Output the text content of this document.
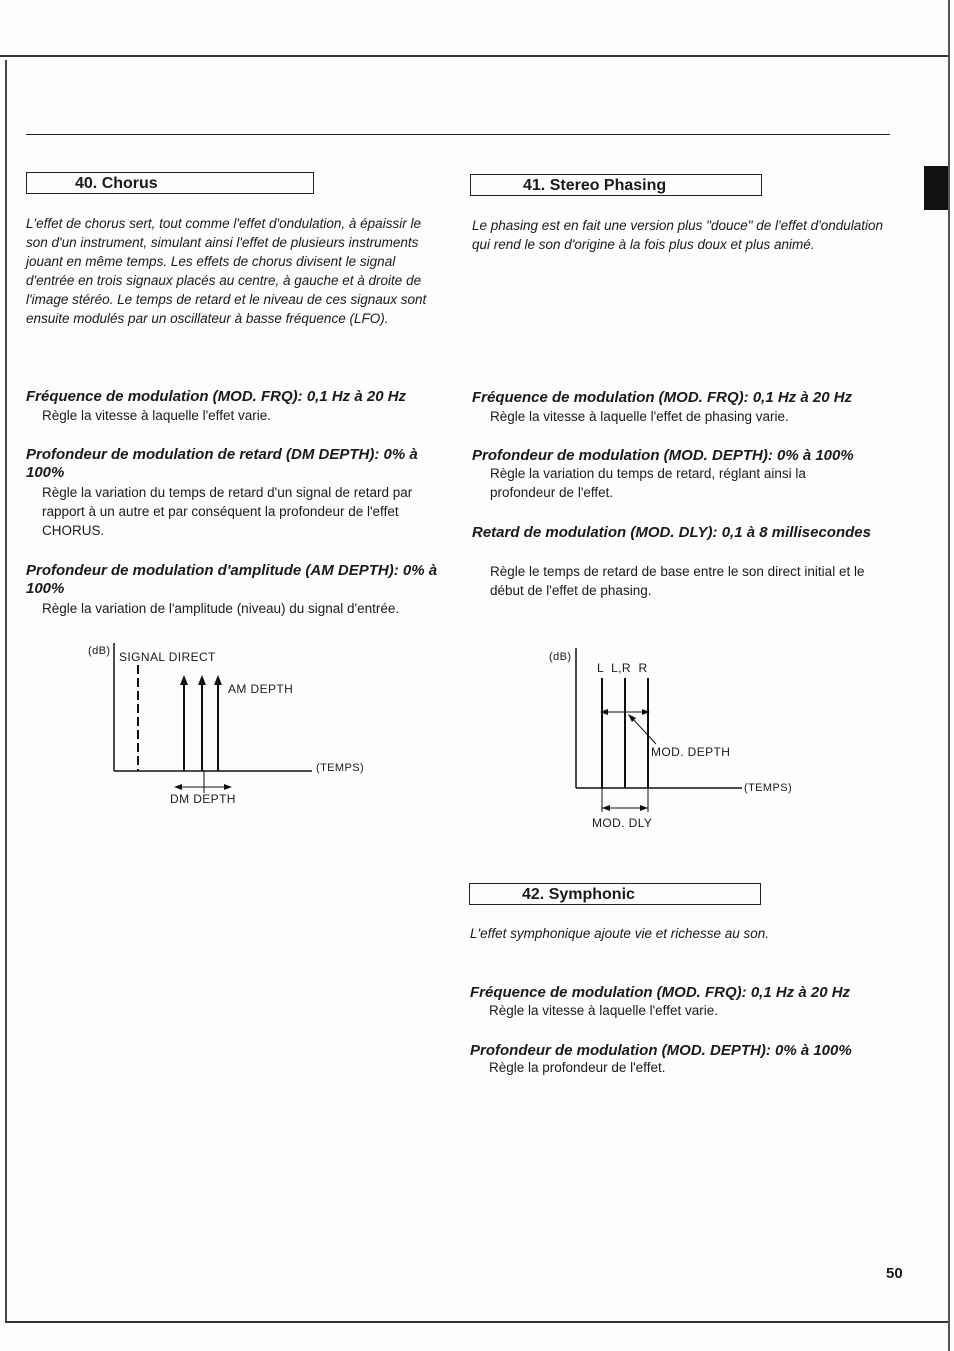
40. Chorus
L'effet de chorus sert, tout comme l'effet d'ondulation, à épaissir le son d'un instrument, simulant ainsi l'effet de plusieurs instruments jouant en même temps. Les effets de chorus divisent le signal d'entrée en trois signaux placés au centre, à gauche et à droite de l'image stéréo. Le temps de retard et le niveau de ces signaux sont ensuite modulés par un oscillateur à basse fréquence (LFO).
Fréquence de modulation (MOD. FRQ): 0,1 Hz à 20 Hz
Règle la vitesse à laquelle l'effet varie.
Profondeur de modulation de retard (DM DEPTH): 0% à 100%
Règle la variation du temps de retard d'un signal de retard par rapport à un autre et par conséquent la profondeur de l'effet CHORUS.
Profondeur de modulation d'amplitude (AM DEPTH): 0% à 100%
Règle la variation de l'amplitude (niveau) du signal d'entrée.
(dB) SIGNAL DIRECT
AM DEPTH
(TEMPS)
DM DEPTH
41. Stereo Phasing
Le phasing est en fait une version plus "douce" de l'effet d'ondulation qui rend le son d'origine à la fois plus doux et plus animé.
Fréquence de modulation (MOD. FRQ): 0,1 Hz à 20 Hz
Règle la vitesse à laquelle l'effet de phasing varie.
Profondeur de modulation (MOD. DEPTH): 0% à 100%
Règle la variation du temps de retard, réglant ainsi la profondeur de l'effet.
Retard de modulation (MOD. DLY): 0,1 à 8 millisecondes
Règle le temps de retard de base entre le son direct initial et le début de l'effet de phasing.
(dB)
L  L,R  R
MOD. DEPTH
(TEMPS)
MOD. DLY
42. Symphonic
L'effet symphonique ajoute vie et richesse au son.
Fréquence de modulation (MOD. FRQ): 0,1 Hz à 20 Hz
Règle la vitesse à laquelle l'effet varie.
Profondeur de modulation (MOD. DEPTH): 0% à 100%
Règle la profondeur de l'effet.
50
